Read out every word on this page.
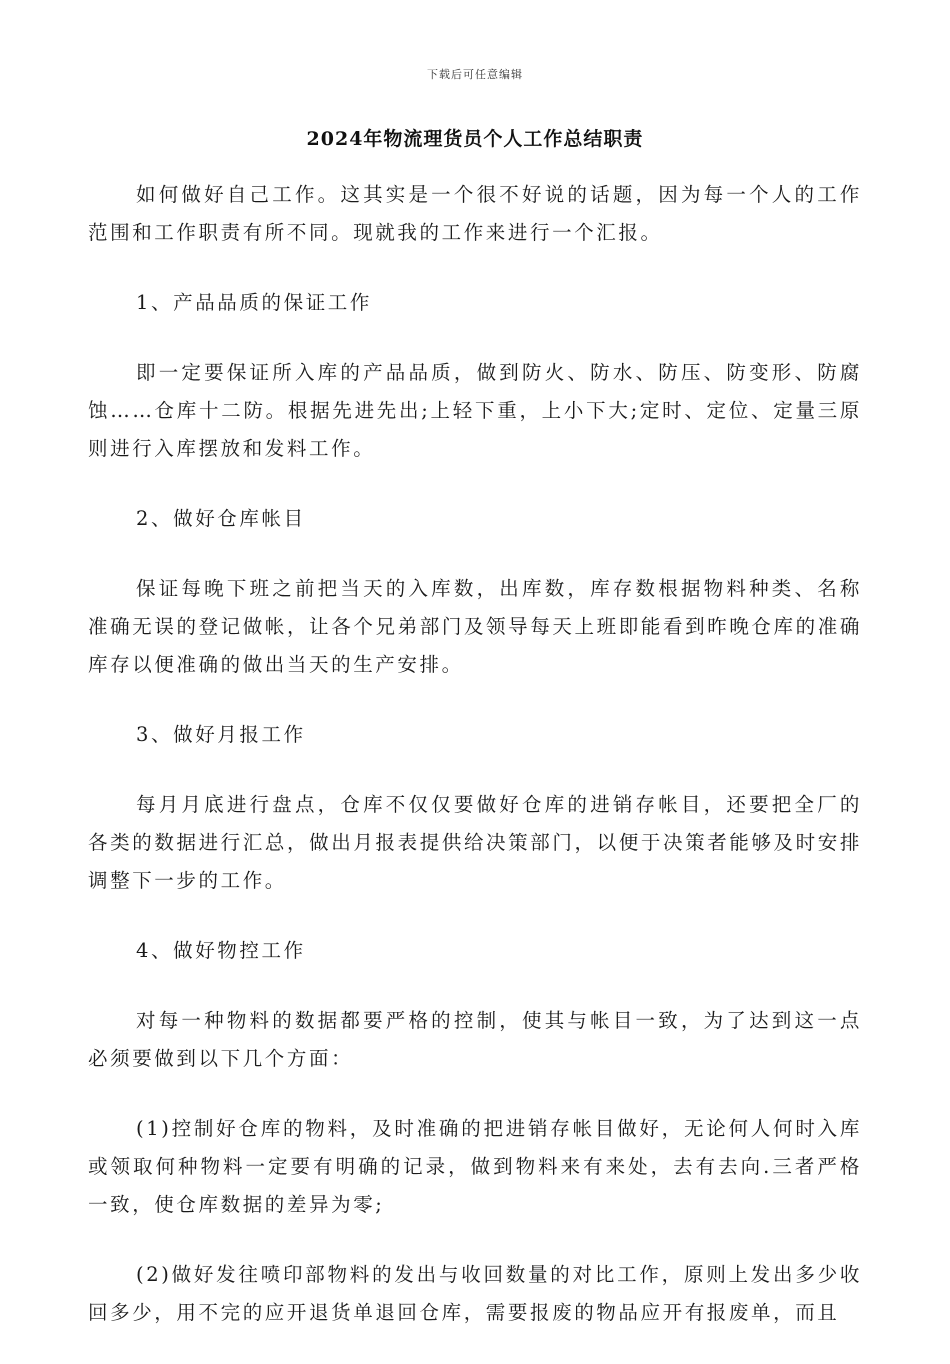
下载后可任意编辑
2024年物流理货员个人工作总结职责

如何做好自己工作。这其实是一个很不好说的话题，因为每一个人的工作范围和工作职责有所不同。现就我的工作来进行一个汇报。

1、产品品质的保证工作

即一定要保证所入库的产品品质，做到防火、防水、防压、防变形、防腐蚀……仓库十二防。根据先进先出;上轻下重，上小下大;定时、定位、定量三原则进行入库摆放和发料工作。

2、做好仓库帐目

保证每晚下班之前把当天的入库数，出库数，库存数根据物料种类、名称准确无误的登记做帐，让各个兄弟部门及领导每天上班即能看到昨晚仓库的准确库存以便准确的做出当天的生产安排。

3、做好月报工作

每月月底进行盘点，仓库不仅仅要做好仓库的进销存帐目，还要把全厂的各类的数据进行汇总，做出月报表提供给决策部门，以便于决策者能够及时安排调整下一步的工作。

4、做好物控工作

对每一种物料的数据都要严格的控制，使其与帐目一致，为了达到这一点必须要做到以下几个方面：

(1)控制好仓库的物料，及时准确的把进销存帐目做好，无论何人何时入库或领取何种物料一定要有明确的记录，做到物料来有来处，去有去向.三者严格一致，使仓库数据的差异为零;

(2)做好发往喷印部物料的发出与收回数量的对比工作，原则上发出多少收回多少，用不完的应开退货单退回仓库，需要报废的物品应开有报废单，而且
